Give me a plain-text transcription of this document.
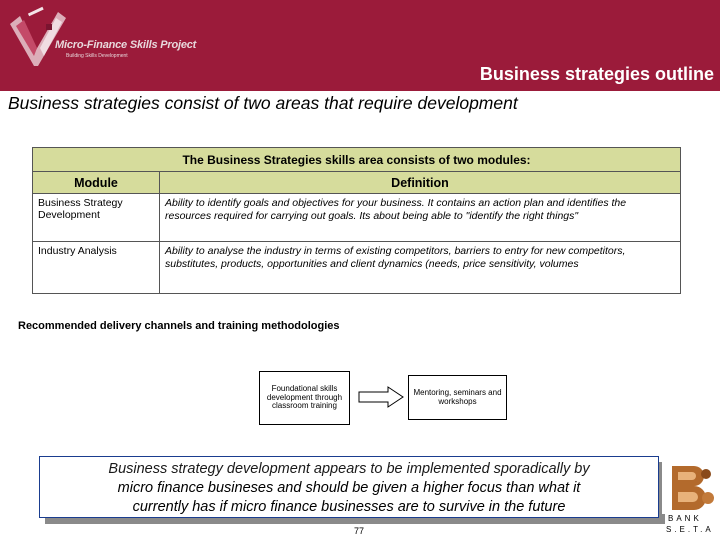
Micro-Finance Skills Project
Building Skills Development
Business strategies outline
Business strategies consist of two areas that require development
The Business Strategies skills area consists of two modules:	
Module	Definition
Business Strategy Development	Ability to identify goals and objectives for your business. It contains an action plan and identifies the resources required for carrying out goals. Its about being able to "identify the right things"
Industry Analysis	Ability to analyse the industry in terms of existing competitors, barriers to entry for new competitors, substitutes, products, opportunities and client dynamics (needs, price sensitivity, volumes
Recommended delivery channels and training methodologies
Foundational skills development through classroom training
Mentoring, seminars and workshops
Business strategy development appears to be implemented sporadically by
micro finance busineses and should be given a higher focus than what it
currently has if micro finance businesses are to survive in the future
77
BANK
S.E.T.A
